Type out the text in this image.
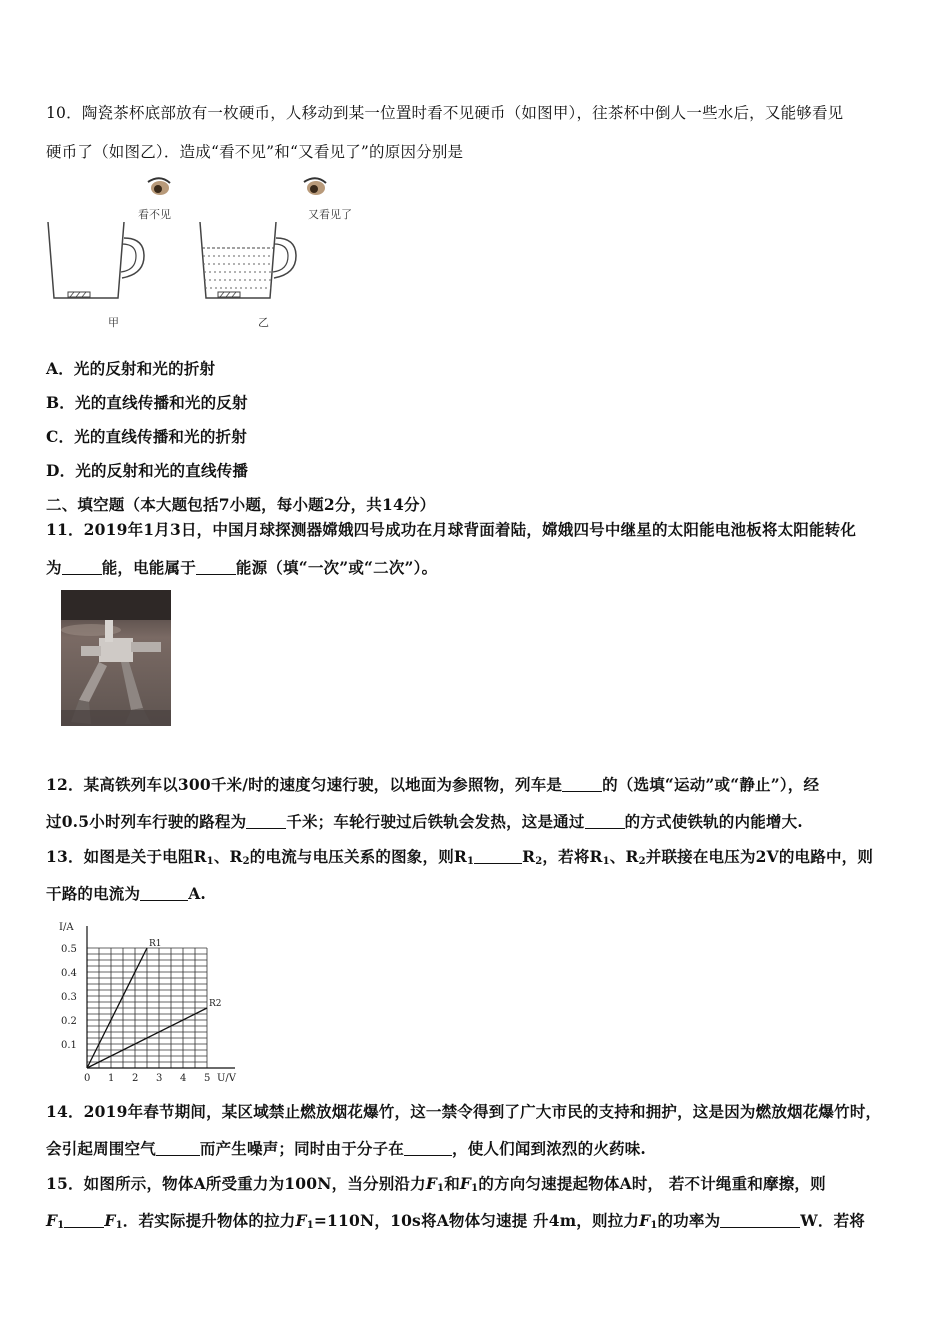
10．陶瓷茶杯底部放有一枚硬币，人移动到某一位置时看不见硬币（如图甲），往茶杯中倒人一些水后，又能够看见
硬币了（如图乙）．造成“看不见”和“又看见了”的原因分别是
看不见	又看见了
甲	乙
A．光的反射和光的折射
B．光的直线传播和光的反射
C．光的直线传播和光的折射
D．光的反射和光的直线传播
二、填空题（本大题包括7小题，每小题2分，共14分）
11．2019年1月3日，中国月球探测器嫦娥四号成功在月球背面着陆，嫦娥四号中继星的太阳能电池板将太阳能转化
为	能，电能属于	能源（填“一次”或“二次”）。
12．某高铁列车以300千米/时的速度匀速行驶，以地面为参照物，列车是	的（选填“运动”或“静止”），经
过0.5小时列车行驶的路程为	千米；车轮行驶过后铁轨会发热，这是通过	的方式使铁轨的内能增大.
13．如图是关于电阻$R_1$、$R_2$的电流与电压关系的图象，则$R_1$	$R_2$，若将$R_1$、$R_2$并联接在电压为2V的电路中，则
干路的电流为	A.
0 1 2 3 4 5
0.1
0.2
0.3
0.4
0.5
I/A
U/V
R1
R2
14．2019年春节期间，某区域禁止燃放烟花爆竹，这一禁令得到了广大市民的支持和拥护，这是因为燃放烟花爆竹时，
会引起周围空气	而产生噪声；同时由于分子在	，使人们闻到浓烈的火药味.
15．如图所示，物体A所受重力为100N，当分别沿力$F_1$和$F_1$的方向匀速提起物体A时， 若不计绳重和摩擦，则
$F_1$	$F_1$．若实际提升物体的拉力$F_1=110N$，10s将A物体匀速提 升4m，则拉力$F_1$的功率为	W．若将
